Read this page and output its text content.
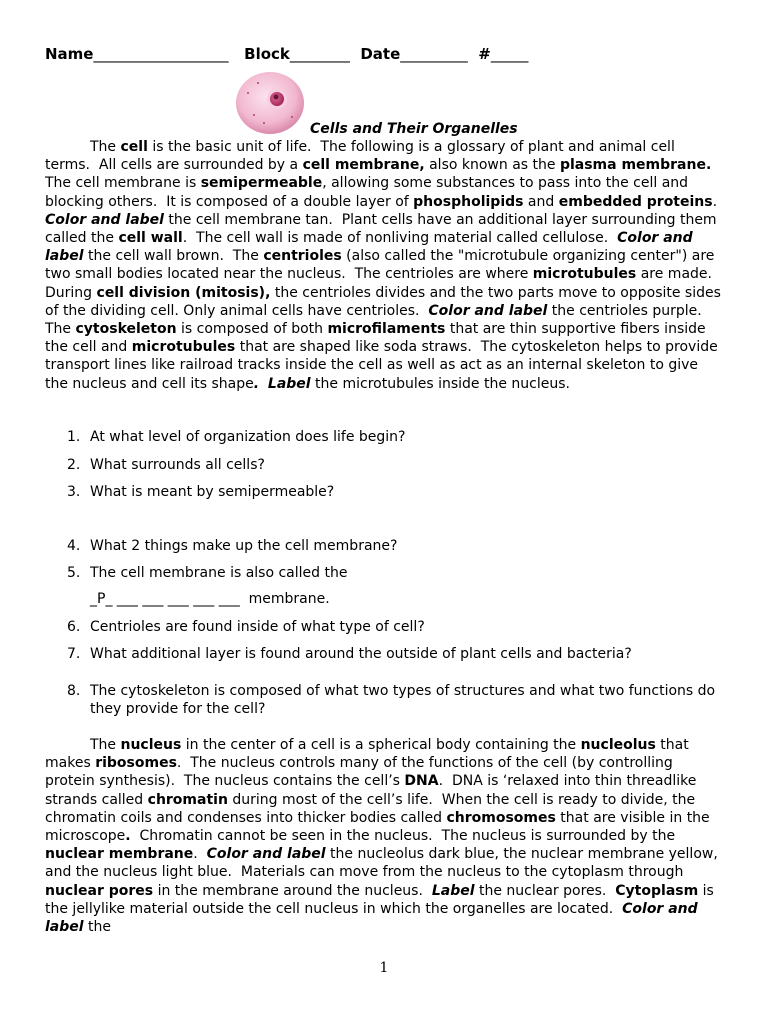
Name__________________ Block________ Date_________ #_____
Cells and Their Organelles

The cell is the basic unit of life.  The following is a glossary of plant and animal cell terms.  All cells are surrounded by a cell membrane, also known as the plasma membrane.  The cell membrane is semipermeable, allowing some substances to pass into the cell and blocking others.  It is composed of a double layer of phospholipids and embedded proteins.  Color and label the cell membrane tan.  Plant cells have an additional layer surrounding them called the cell wall.  The cell wall is made of nonliving material called cellulose.  Color and label the cell wall brown.  The centrioles (also called the "microtubule organizing center") are two small bodies located near the nucleus.  The centrioles are where microtubules are made.  During cell division (mitosis), the centrioles divides and the two parts move to opposite sides of the dividing cell. Only animal cells have centrioles.  Color and label the centrioles purple.  The cytoskeleton is composed of both microfilaments that are thin supportive fibers inside the cell and microtubules that are shaped like soda straws.  The cytoskeleton helps to provide transport lines like railroad tracks inside the cell as well as act as an internal skeleton to give the nucleus and cell its shape. Label the microtubules inside the nucleus.

1. At what level of organization does life begin?
2. What surrounds all cells?
3. What is meant by semipermeable?
4. What 2 things make up the cell membrane?
5. The cell membrane is also called the
_P_ ___ ___ ___ ___ ___ membrane.
6. Centrioles are found inside of what type of cell?
7. What additional layer is found around the outside of plant cells and bacteria?
8. The cytoskeleton is composed of what two types of structures and what two functions do they provide for the cell?

The nucleus in the center of a cell is a spherical body containing the nucleolus that makes ribosomes.  The nucleus controls many of the functions of the cell (by controlling protein synthesis).  The nucleus contains the cell’s DNA.  DNA is ‘relaxed into thin threadlike strands called chromatin during most of the cell’s life.  When the cell is ready to divide, the chromatin coils and condenses into thicker bodies called chromosomes that are visible in the microscope.  Chromatin cannot be seen in the nucleus.  The nucleus is surrounded by the nuclear membrane.  Color and label the nucleolus dark blue, the nuclear membrane yellow, and the nucleus light blue.  Materials can move from the nucleus to the cytoplasm through nuclear pores in the membrane around the nucleus.  Label the nuclear pores.  Cytoplasm is the jellylike material outside the cell nucleus in which the organelles are located.  Color and label the

1
